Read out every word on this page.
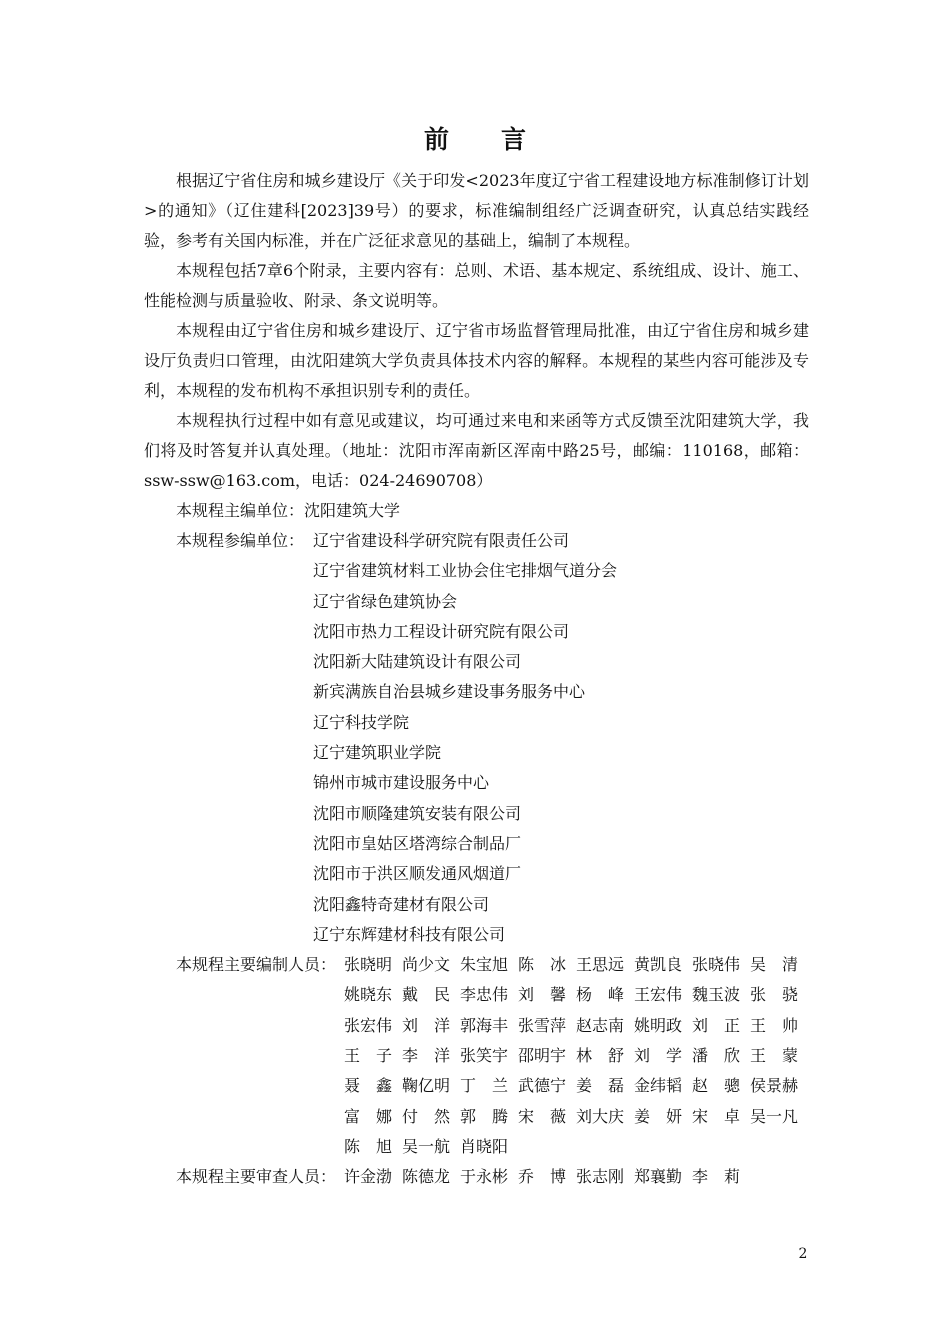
前言

根据辽宁省住房和城乡建设厅《关于印发<2023年度辽宁省工程建设地方标准制修订计划>的通知》（辽住建科[2023]39号）的要求，标准编制组经广泛调查研究，认真总结实践经验，参考有关国内标准，并在广泛征求意见的基础上，编制了本规程。

本规程包括7章6个附录，主要内容有：总则、术语、基本规定、系统组成、设计、施工、性能检测与质量验收、附录、条文说明等。

本规程由辽宁省住房和城乡建设厅、辽宁省市场监督管理局批准，由辽宁省住房和城乡建设厅负责归口管理，由沈阳建筑大学负责具体技术内容的解释。本规程的某些内容可能涉及专利，本规程的发布机构不承担识别专利的责任。

本规程执行过程中如有意见或建议，均可通过来电和来函等方式反馈至沈阳建筑大学，我们将及时答复并认真处理。（地址：沈阳市浑南新区浑南中路25号，邮编：110168，邮箱：ssw-ssw@163.com，电话：024-24690708）

本规程主编单位：沈阳建筑大学
本规程参编单位： 辽宁省建设科学研究院有限责任公司
辽宁省建筑材料工业协会住宅排烟气道分会
辽宁省绿色建筑协会
沈阳市热力工程设计研究院有限公司
沈阳新大陆建筑设计有限公司
新宾满族自治县城乡建设事务服务中心
辽宁科技学院
辽宁建筑职业学院
锦州市城市建设服务中心
沈阳市顺隆建筑安装有限公司
沈阳市皇姑区塔湾综合制品厂
沈阳市于洪区顺发通风烟道厂
沈阳鑫特奇建材有限公司
辽宁东辉建材科技有限公司
本规程主要编制人员： 张晓明 尚少文 朱宝旭 陈　冰 王思远 黄凯良 张晓伟 吴　清
姚晓东 戴　民 李忠伟 刘　馨 杨　峰 王宏伟 魏玉波 张　骁
张宏伟 刘　洋 郭海丰 张雪萍 赵志南 姚明政 刘　正 王　帅
王　子 李　洋 张笑宇 邵明宇 林　舒 刘　学 潘　欣 王　蒙
聂　鑫 鞠亿明 丁　兰 武德宁 姜　磊 金纬韬 赵　骢 侯景赫
富　娜 付　然 郭　腾 宋　薇 刘大庆 姜　妍 宋　卓 吴一凡
陈　旭 吴一航 肖晓阳
本规程主要审查人员： 许金渤 陈德龙 于永彬 乔　博 张志刚 郑襄勤 李　莉
2
